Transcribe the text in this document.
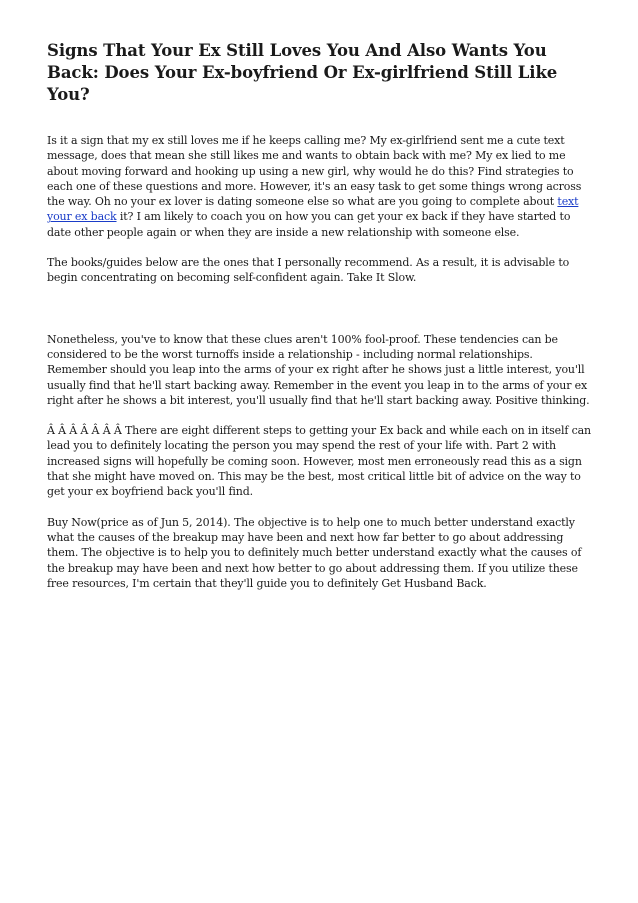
Signs That Your Ex Still Loves You And Also Wants You Back: Does Your Ex-boyfriend Or Ex-girlfriend Still Like You?

Is it a sign that my ex still loves me if he keeps calling me? My ex-girlfriend sent me a cute text message, does that mean she still likes me and wants to obtain back with me? My ex lied to me about moving forward and hooking up using a new girl, why would he do this? Find strategies to each one of these questions and more. However, it's an easy task to get some things wrong across the way. Oh no your ex lover is dating someone else so what are you going to complete about text your ex back it? I am likely to coach you on how you can get your ex back if they have started to date other people again or when they are inside a new relationship with someone else.

The books/guides below are the ones that I personally recommend. As a result, it is advisable to begin concentrating on becoming self-confident again. Take It Slow.

Nonetheless, you've to know that these clues aren't 100% fool-proof. These tendencies can be considered to be the worst turnoffs inside a relationship - including normal relationships. Remember should you leap into the arms of your ex right after he shows just a little interest, you'll usually find that he'll start backing away. Remember in the event you leap in to the arms of your ex right after he shows a bit interest, you'll usually find that he'll start backing away. Positive thinking.

Â Â Â Â Â Â Â There are eight different steps to getting your Ex back and while each on in itself can lead you to definitely locating the person you may spend the rest of your life with. Part 2 with increased signs will hopefully be coming soon. However, most men erroneously read this as a sign that she might have moved on. This may be the best, most critical little bit of advice on the way to get your ex boyfriend back you'll find.

Buy Now(price as of Jun 5, 2014). The objective is to help one to much better understand exactly what the causes of the breakup may have been and next how far better to go about addressing them. The objective is to help you to definitely much better understand exactly what the causes of the breakup may have been and next how better to go about addressing them. If you utilize these free resources, I'm certain that they'll guide you to definitely Get Husband Back.
